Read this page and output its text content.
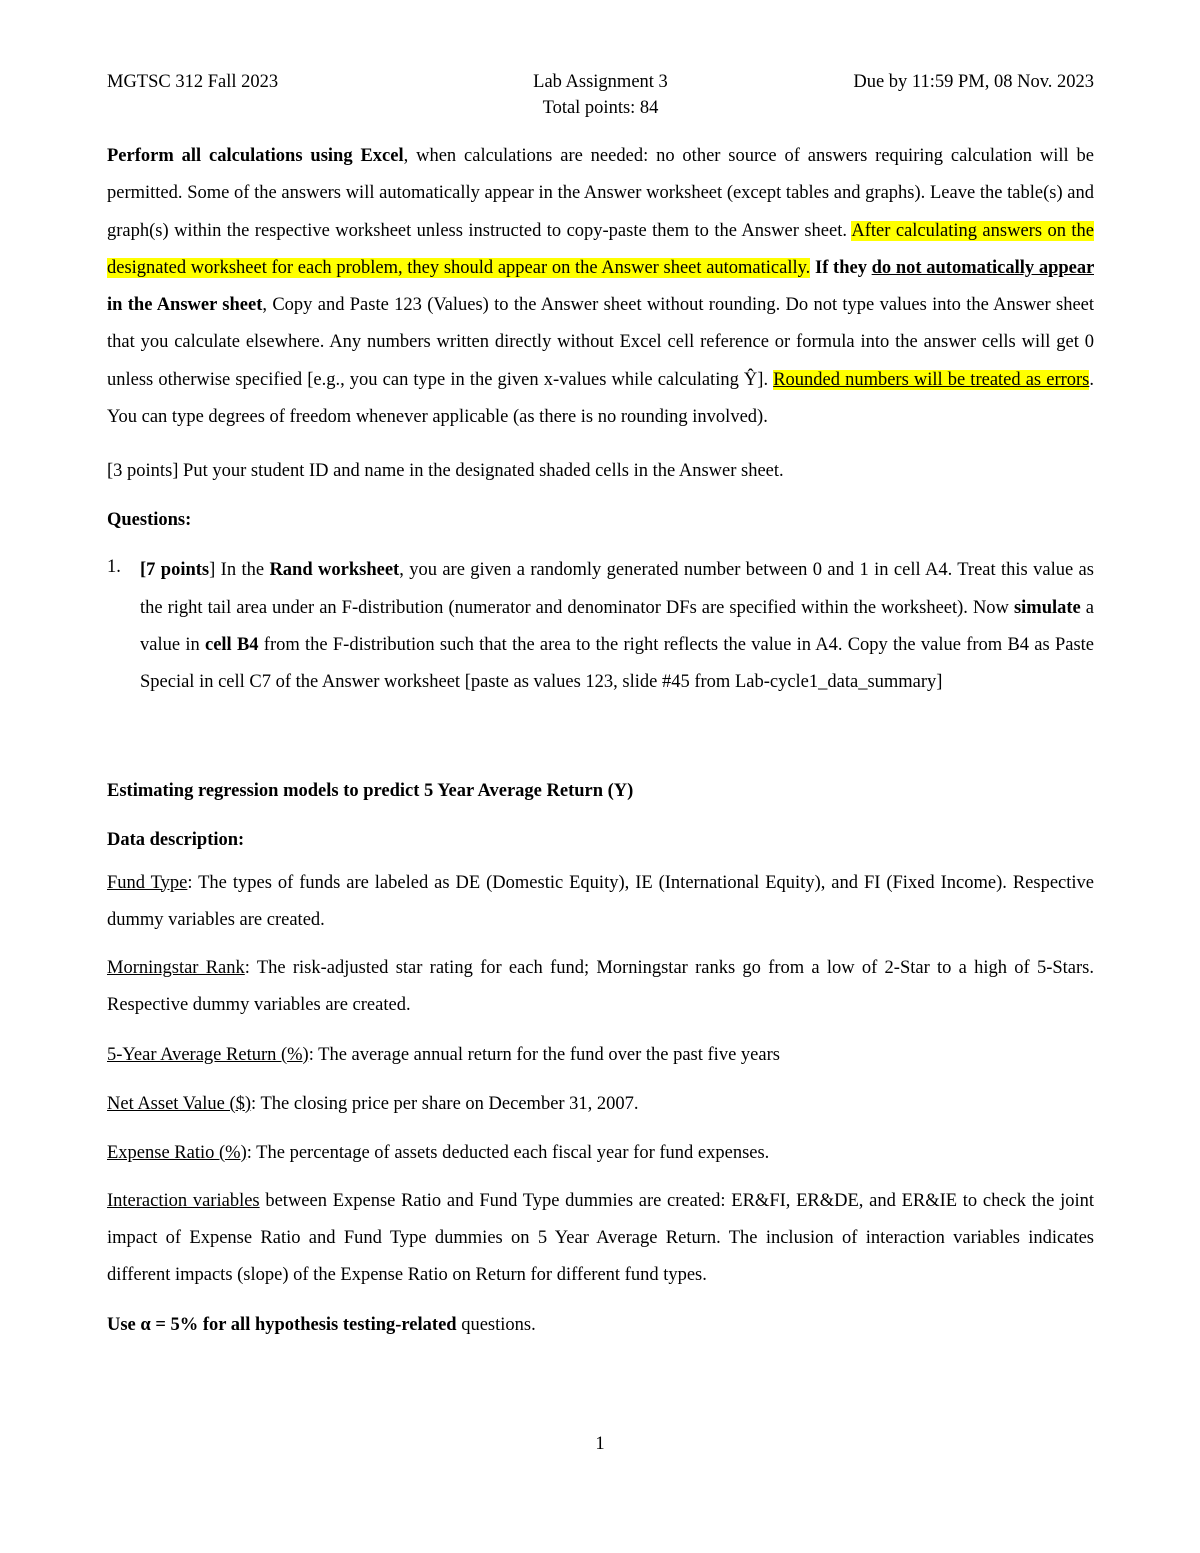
MGTSC 312 Fall 2023	Lab Assignment 3	Due by 11:59 PM, 08 Nov. 2023
Total points: 84

Perform all calculations using Excel, when calculations are needed: no other source of answers requiring calculation will be permitted. Some of the answers will automatically appear in the Answer worksheet (except tables and graphs). Leave the table(s) and graph(s) within the respective worksheet unless instructed to copy-paste them to the Answer sheet. After calculating answers on the designated worksheet for each problem, they should appear on the Answer sheet automatically. If they do not automatically appear in the Answer sheet, Copy and Paste 123 (Values) to the Answer sheet without rounding. Do not type values into the Answer sheet that you calculate elsewhere. Any numbers written directly without Excel cell reference or formula into the answer cells will get 0 unless otherwise specified [e.g., you can type in the given x-values while calculating Ŷ]. Rounded numbers will be treated as errors. You can type degrees of freedom whenever applicable (as there is no rounding involved).

[3 points] Put your student ID and name in the designated shaded cells in the Answer sheet.

Questions:

1. [7 points] In the Rand worksheet, you are given a randomly generated number between 0 and 1 in cell A4. Treat this value as the right tail area under an F-distribution (numerator and denominator DFs are specified within the worksheet). Now simulate a value in cell B4 from the F-distribution such that the area to the right reflects the value in A4. Copy the value from B4 as Paste Special in cell C7 of the Answer worksheet [paste as values 123, slide #45 from Lab-cycle1_data_summary]

Estimating regression models to predict 5 Year Average Return (Y)

Data description:

Fund Type: The types of funds are labeled as DE (Domestic Equity), IE (International Equity), and FI (Fixed Income). Respective dummy variables are created.

Morningstar Rank: The risk-adjusted star rating for each fund; Morningstar ranks go from a low of 2-Star to a high of 5-Stars. Respective dummy variables are created.

5-Year Average Return (%): The average annual return for the fund over the past five years

Net Asset Value ($): The closing price per share on December 31, 2007.

Expense Ratio (%): The percentage of assets deducted each fiscal year for fund expenses.

Interaction variables between Expense Ratio and Fund Type dummies are created: ER&FI, ER&DE, and ER&IE to check the joint impact of Expense Ratio and Fund Type dummies on 5 Year Average Return. The inclusion of interaction variables indicates different impacts (slope) of the Expense Ratio on Return for different fund types.

Use α = 5% for all hypothesis testing-related questions.

1
